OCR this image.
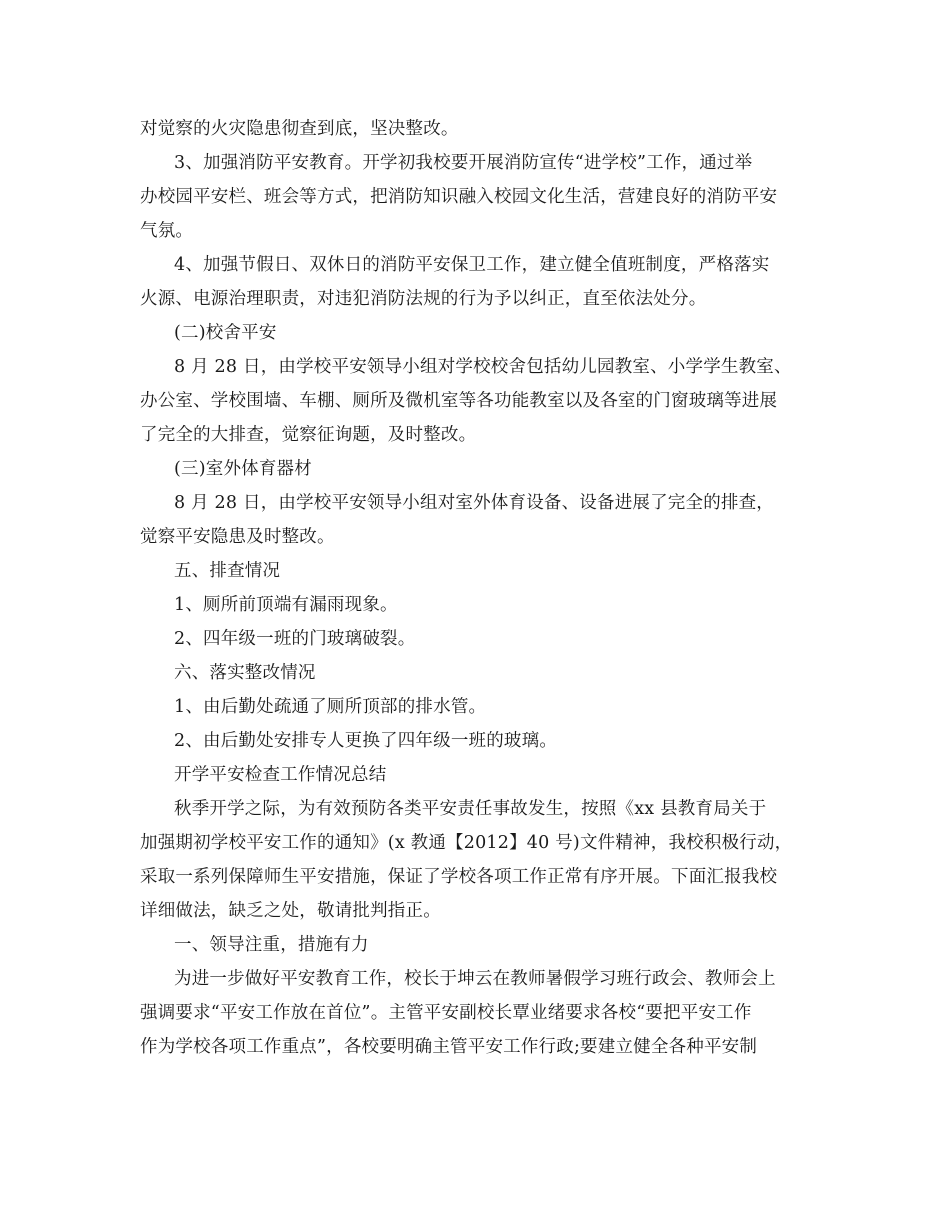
对觉察的火灾隐患彻查到底，坚决整改。
3、加强消防平安教育。开学初我校要开展消防宣传“进学校”工作，通过举
办校园平安栏、班会等方式，把消防知识融入校园文化生活，营建良好的消防平安
气氛。
4、加强节假日、双休日的消防平安保卫工作，建立健全值班制度，严格落实
火源、电源治理职责，对违犯消防法规的行为予以纠正，直至依法处分。
(二)校舍平安
8 月 28 日，由学校平安领导小组对学校校舍包括幼儿园教室、小学学生教室、
办公室、学校围墙、车棚、厕所及微机室等各功能教室以及各室的门窗玻璃等进展
了完全的大排查，觉察征询题，及时整改。
(三)室外体育器材
8 月 28 日，由学校平安领导小组对室外体育设备、设备进展了完全的排查，
觉察平安隐患及时整改。
五、排查情况
1、厕所前顶端有漏雨现象。
2、四年级一班的门玻璃破裂。
六、落实整改情况
1、由后勤处疏通了厕所顶部的排水管。
2、由后勤处安排专人更换了四年级一班的玻璃。
开学平安检查工作情况总结
秋季开学之际，为有效预防各类平安责任事故发生，按照《xx 县教育局关于
加强期初学校平安工作的通知》(x 教通【2012】40 号)文件精神，我校积极行动，
采取一系列保障师生平安措施，保证了学校各项工作正常有序开展。下面汇报我校
详细做法，缺乏之处，敬请批判指正。
一、领导注重，措施有力
为进一步做好平安教育工作，校长于坤云在教师暑假学习班行政会、教师会上
强调要求“平安工作放在首位”。主管平安副校长覃业绪要求各校“要把平安工作
作为学校各项工作重点”，各校要明确主管平安工作行政;要建立健全各种平安制
